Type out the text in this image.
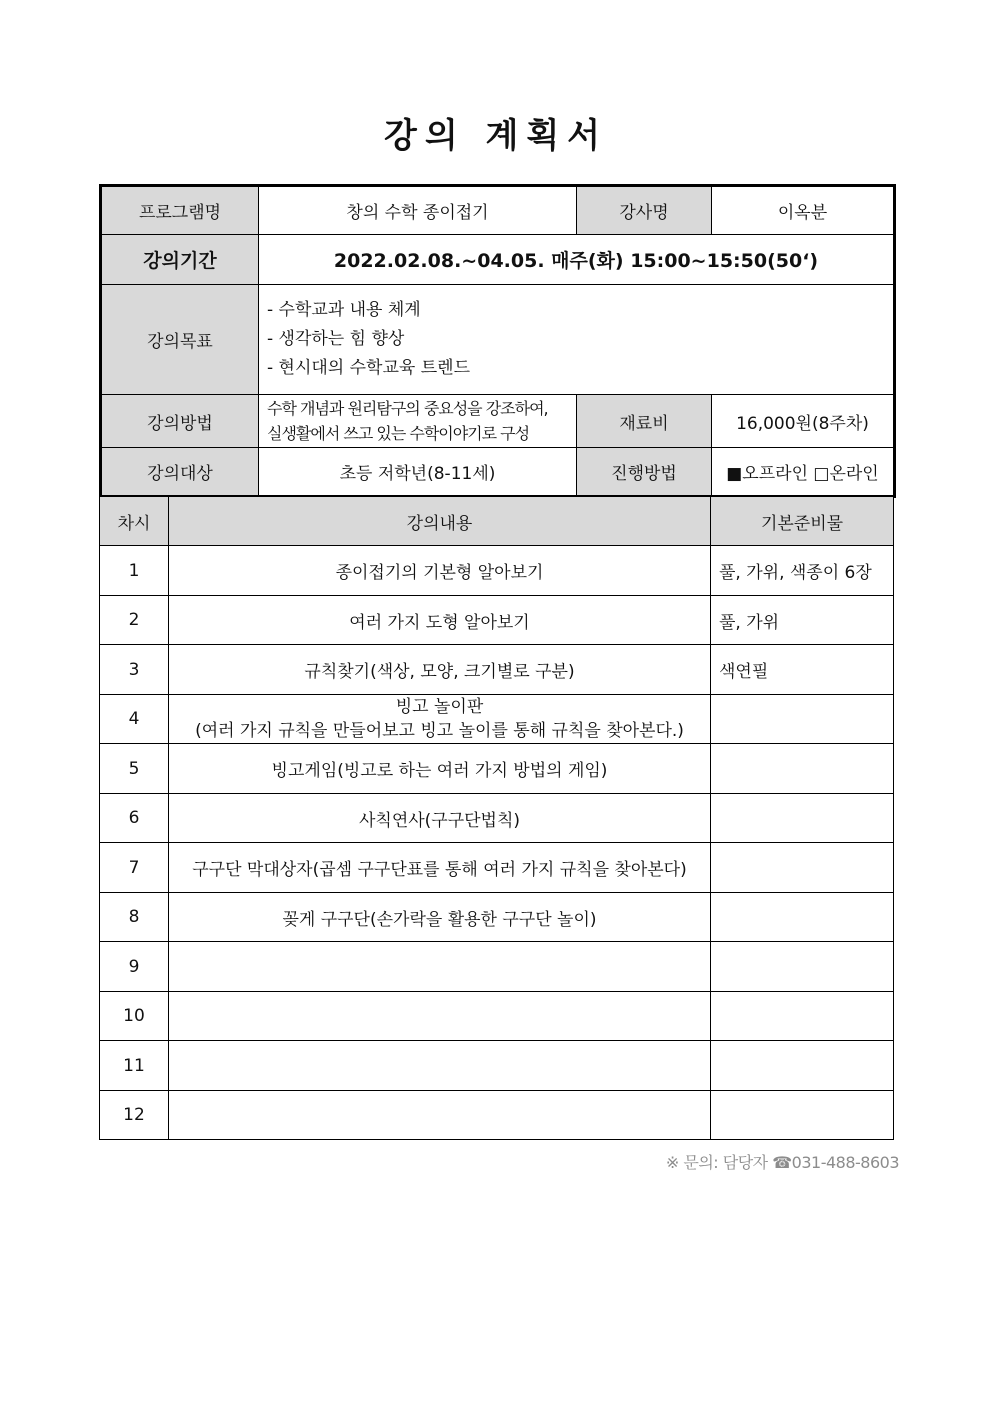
강의 계획서
프로그램명	창의 수학 종이접기	강사명	이옥분
강의기간	2022.02.08.~04.05. 매주(화) 15:00~15:50(50‘)		
강의목표	- 수학교과 내용 체계
- 생각하는 힘 향상
- 현시대의 수학교육 트렌드		

강의방법	수학 개념과 원리탐구의 중요성을 강조하여,
실생활에서 쓰고 있는 수학이야기로 구성	재료비	16,000원(8주차)
강의대상	초등 저학년(8-11세)	진행방법	■오프라인 □온라인
차시	강의내용	기본준비물
1	종이접기의 기본형 알아보기	풀, 가위, 색종이 6장
2	여러 가지 도형 알아보기	풀, 가위
3	규칙찾기(색상, 모양, 크기별로 구분)	색연필
4	빙고 놀이판
(여러 가지 규칙을 만들어보고 빙고 놀이를 통해 규칙을 찾아본다.)	

5	빙고게임(빙고로 하는 여러 가지 방법의 게임)	
6	사칙연사(구구단법칙)	
7	구구단 막대상자(곱셈 구구단표를 통해 여러 가지 규칙을 찾아본다)	
8	꽂게 구구단(손가락을 활용한 구구단 놀이)	
9		
10		
11		
12		
※ 문의: 담당자 ☎031-488-8603
